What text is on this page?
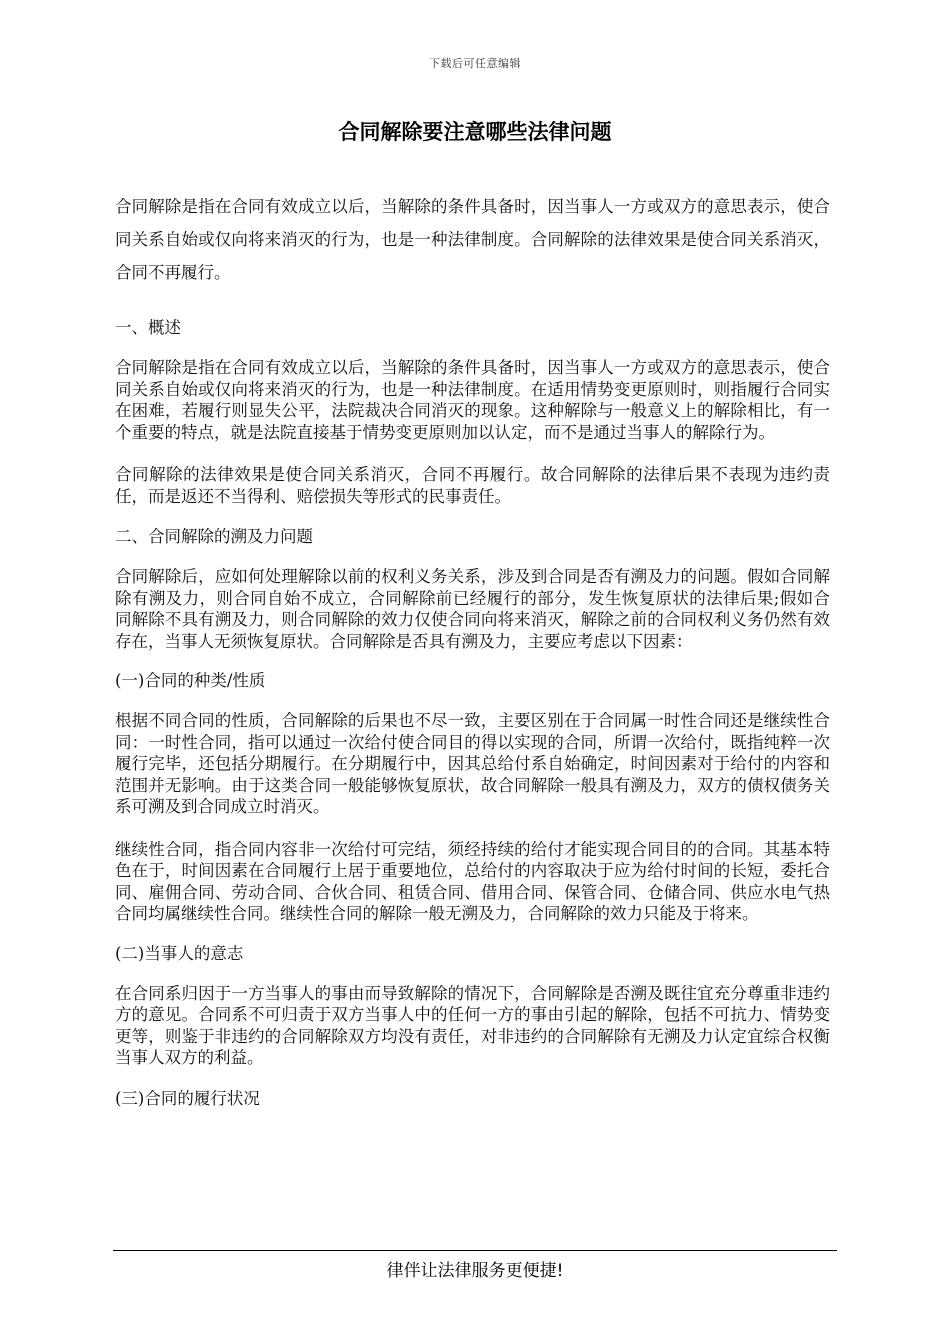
下载后可任意编辑
合同解除要注意哪些法律问题

合同解除是指在合同有效成立以后，当解除的条件具备时，因当事人一方或双方的意思表示，使合同关系自始或仅向将来消灭的行为，也是一种法律制度。合同解除的法律效果是使合同关系消灭，合同不再履行。

一、概述

合同解除是指在合同有效成立以后，当解除的条件具备时，因当事人一方或双方的意思表示，使合同关系自始或仅向将来消灭的行为，也是一种法律制度。在适用情势变更原则时，则指履行合同实在困难，若履行则显失公平，法院裁决合同消灭的现象。这种解除与一般意义上的解除相比，有一个重要的特点，就是法院直接基于情势变更原则加以认定，而不是通过当事人的解除行为。

合同解除的法律效果是使合同关系消灭，合同不再履行。故合同解除的法律后果不表现为违约责任，而是返还不当得利、赔偿损失等形式的民事责任。

二、合同解除的溯及力问题

合同解除后，应如何处理解除以前的权利义务关系，涉及到合同是否有溯及力的问题。假如合同解除有溯及力，则合同自始不成立，合同解除前已经履行的部分，发生恢复原状的法律后果;假如合同解除不具有溯及力，则合同解除的效力仅使合同向将来消灭，解除之前的合同权利义务仍然有效存在，当事人无须恢复原状。合同解除是否具有溯及力，主要应考虑以下因素：

(一)合同的种类/性质

根据不同合同的性质，合同解除的后果也不尽一致，主要区别在于合同属一时性合同还是继续性合同：一时性合同，指可以通过一次给付使合同目的得以实现的合同，所谓一次给付，既指纯粹一次履行完毕，还包括分期履行。在分期履行中，因其总给付系自始确定，时间因素对于给付的内容和范围并无影响。由于这类合同一般能够恢复原状，故合同解除一般具有溯及力，双方的债权债务关系可溯及到合同成立时消灭。

继续性合同，指合同内容非一次给付可完结，须经持续的给付才能实现合同目的的合同。其基本特色在于，时间因素在合同履行上居于重要地位，总给付的内容取决于应为给付时间的长短，委托合同、雇佣合同、劳动合同、合伙合同、租赁合同、借用合同、保管合同、仓储合同、供应水电气热合同均属继续性合同。继续性合同的解除一般无溯及力，合同解除的效力只能及于将来。

(二)当事人的意志

在合同系归因于一方当事人的事由而导致解除的情况下，合同解除是否溯及既往宜充分尊重非违约方的意见。合同系不可归责于双方当事人中的任何一方的事由引起的解除，包括不可抗力、情势变更等，则鉴于非违约的合同解除双方均没有责任，对非违约的合同解除有无溯及力认定宜综合权衡当事人双方的利益。

(三)合同的履行状况

律伴让法律服务更便捷!
